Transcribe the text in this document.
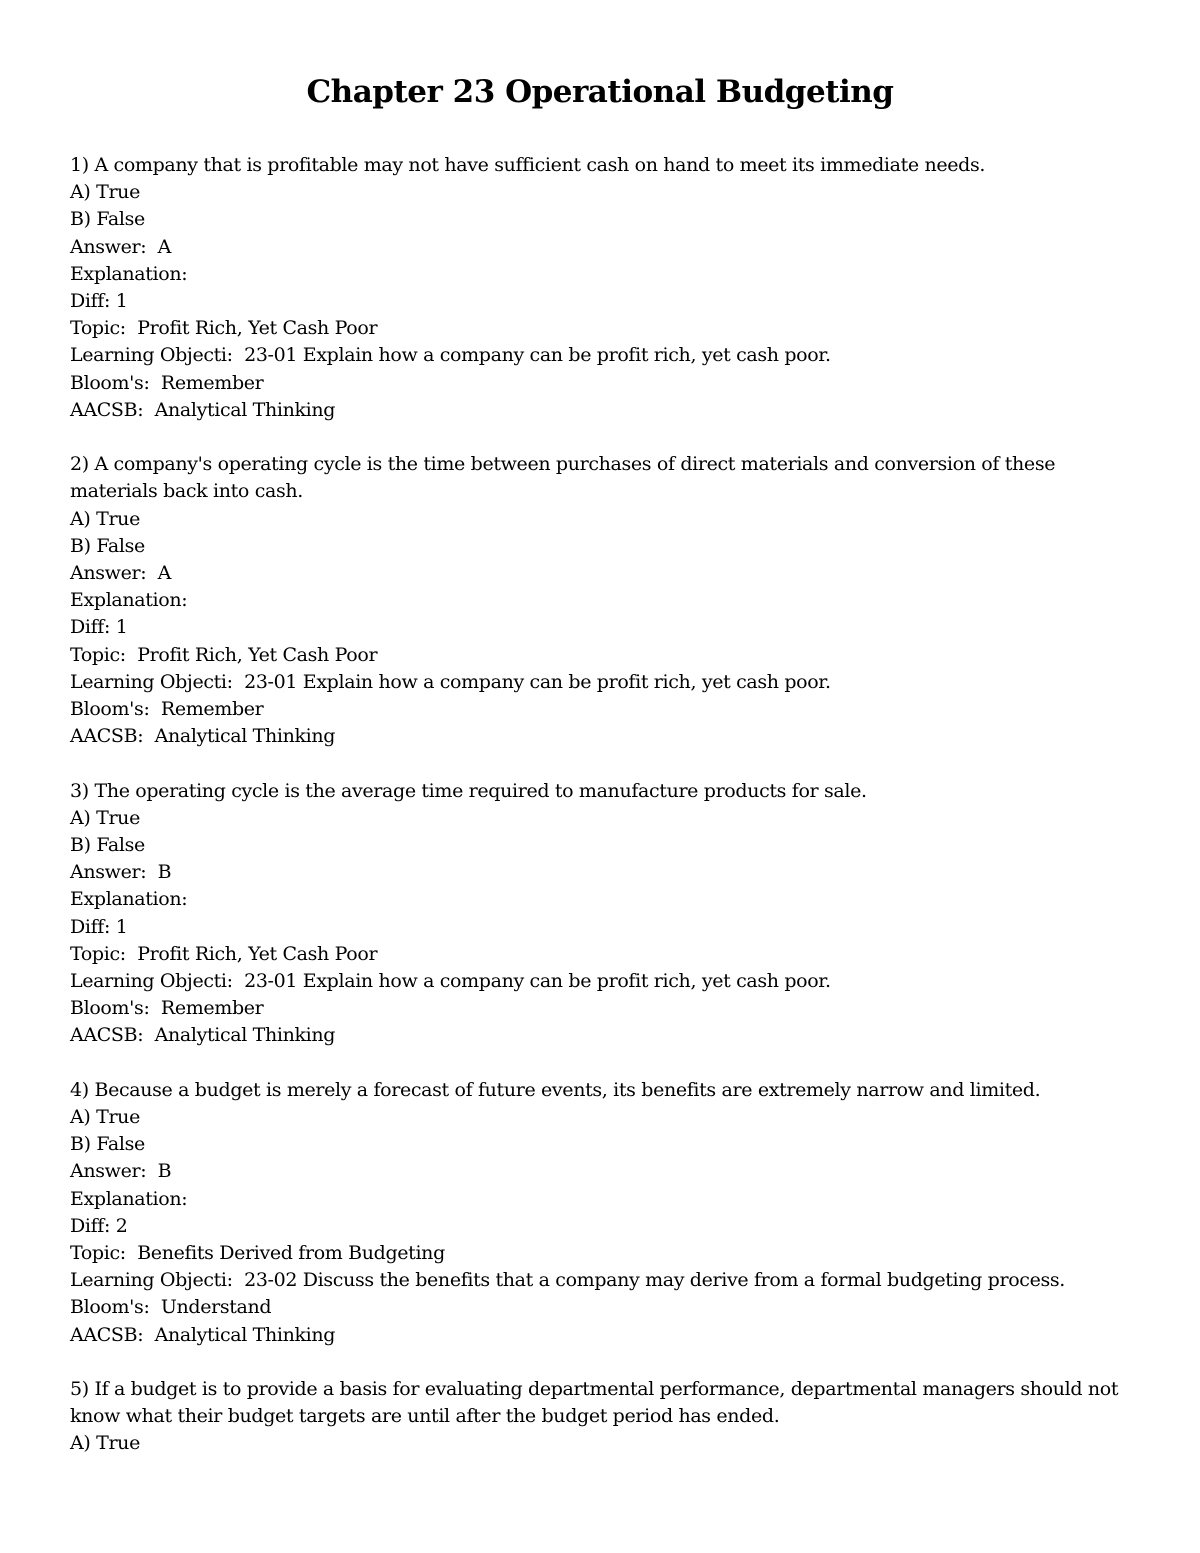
Chapter 23 Operational Budgeting
1) A company that is profitable may not have sufficient cash on hand to meet its immediate needs.
A) True
B) False
Answer:  A
Explanation:
Diff: 1
Topic:  Profit Rich, Yet Cash Poor
Learning Objecti:  23-01 Explain how a company can be profit rich, yet cash poor.
Bloom's:  Remember
AACSB:  Analytical Thinking
2) A company's operating cycle is the time between purchases of direct materials and conversion of these materials back into cash.
A) True
B) False
Answer:  A
Explanation:
Diff: 1
Topic:  Profit Rich, Yet Cash Poor
Learning Objecti:  23-01 Explain how a company can be profit rich, yet cash poor.
Bloom's:  Remember
AACSB:  Analytical Thinking
3) The operating cycle is the average time required to manufacture products for sale.
A) True
B) False
Answer:  B
Explanation:
Diff: 1
Topic:  Profit Rich, Yet Cash Poor
Learning Objecti:  23-01 Explain how a company can be profit rich, yet cash poor.
Bloom's:  Remember
AACSB:  Analytical Thinking
4) Because a budget is merely a forecast of future events, its benefits are extremely narrow and limited.
A) True
B) False
Answer:  B
Explanation:
Diff: 2
Topic:  Benefits Derived from Budgeting
Learning Objecti:  23-02 Discuss the benefits that a company may derive from a formal budgeting process.
Bloom's:  Understand
AACSB:  Analytical Thinking
5) If a budget is to provide a basis for evaluating departmental performance, departmental managers should not know what their budget targets are until after the budget period has ended.
A) True
